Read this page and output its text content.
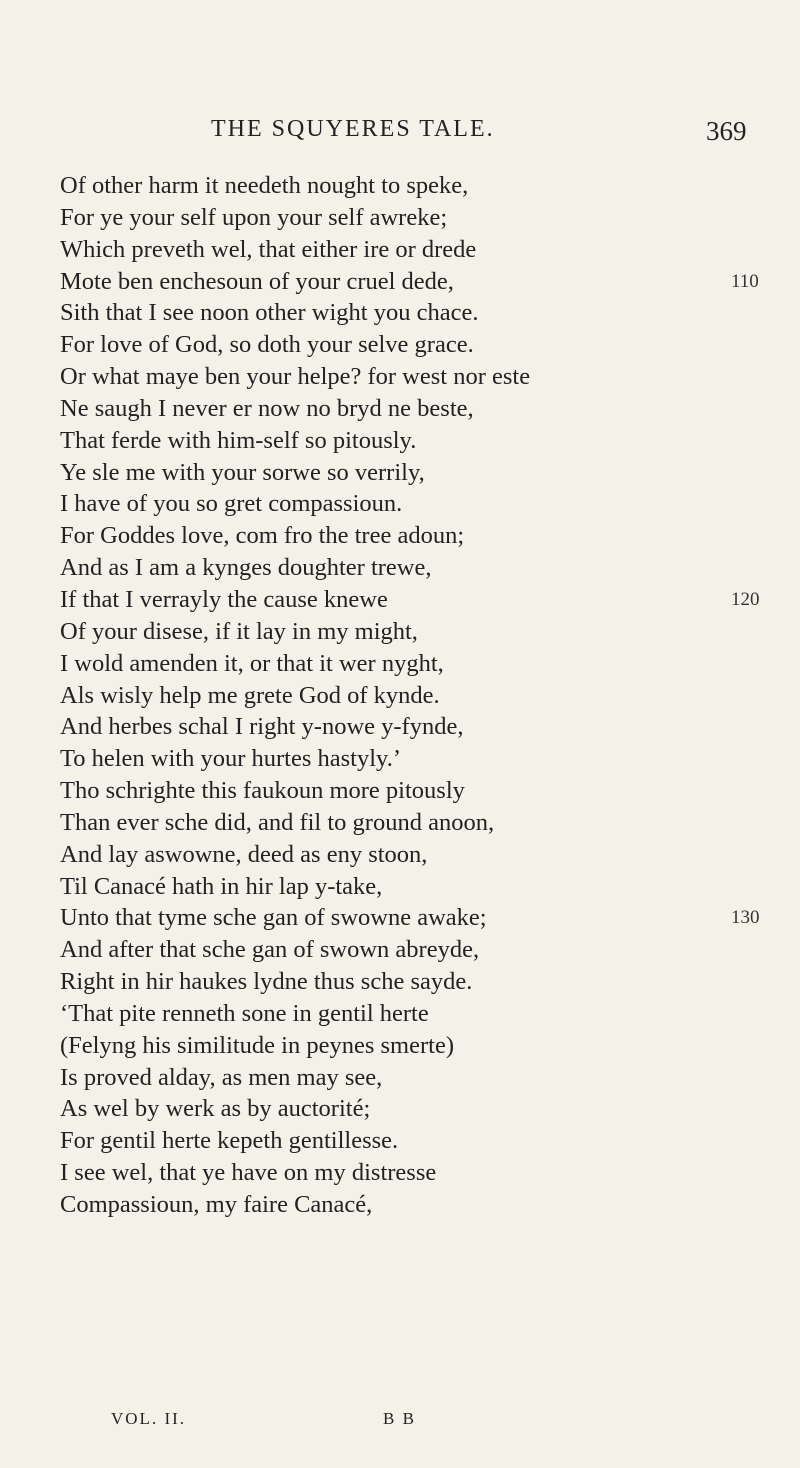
THE SQUYERES TALE.	369
Of other harm it needeth nought to speke,
For ye your self upon your self awreke;
Which preveth wel, that either ire or drede
Mote ben enchesoun of your cruel dede,	110
Sith that I see noon other wight you chace.
For love of God, so doth your selve grace.
Or what maye ben your helpe? for west nor este
Ne saugh I never er now no bryd ne beste,
That ferde with him-self so pitously.
Ye sle me with your sorwe so verrily,
I have of you so gret compassioun.
For Goddes love, com fro the tree adoun;
And as I am a kynges doughter trewe,
If that I verrayly the cause knewe	120
Of your disese, if it lay in my might,
I wold amenden it, or that it wer nyght,
Als wisly help me grete God of kynde.
And herbes schal I right y-nowe y-fynde,
To helen with your hurtes hastyly.’
Tho schrighte this faukoun more pitously
Than ever sche did, and fil to ground anoon,
And lay aswowne, deed as eny stoon,
Til Canacé hath in hir lap y-take,
Unto that tyme sche gan of swowne awake;	130
And after that sche gan of swown abreyde,
Right in hir haukes lydne thus sche sayde.
‘That pite renneth sone in gentil herte
(Felyng his similitude in peynes smerte)
Is proved alday, as men may see,
As wel by werk as by auctorité;
For gentil herte kepeth gentillesse.
I see wel, that ye have on my distresse
Compassioun, my faire Canacé,
VOL. II.	B B
